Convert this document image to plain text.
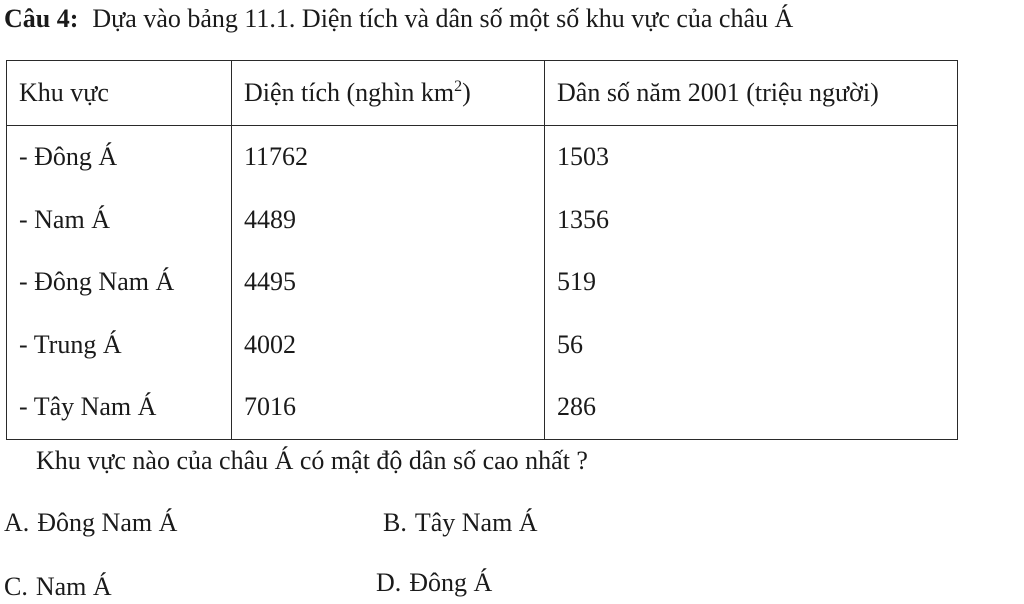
Câu 4: Dựa vào bảng 11.1. Diện tích và dân số một số khu vực của châu Á
Khu vực	Diện tích (nghìn $km^2$)	Dân số năm 2001 (triệu người)
- Đông Á	11762	1503
- Nam Á	4489	1356
- Đông Nam Á	4495	519
- Trung Á	4002	56
- Tây Nam Á	7016	286
Khu vực nào của châu Á có mật độ dân số cao nhất ?
A. Đông Nam Á	B. Tây Nam Á
C. Nam Á	D. Đông Á
